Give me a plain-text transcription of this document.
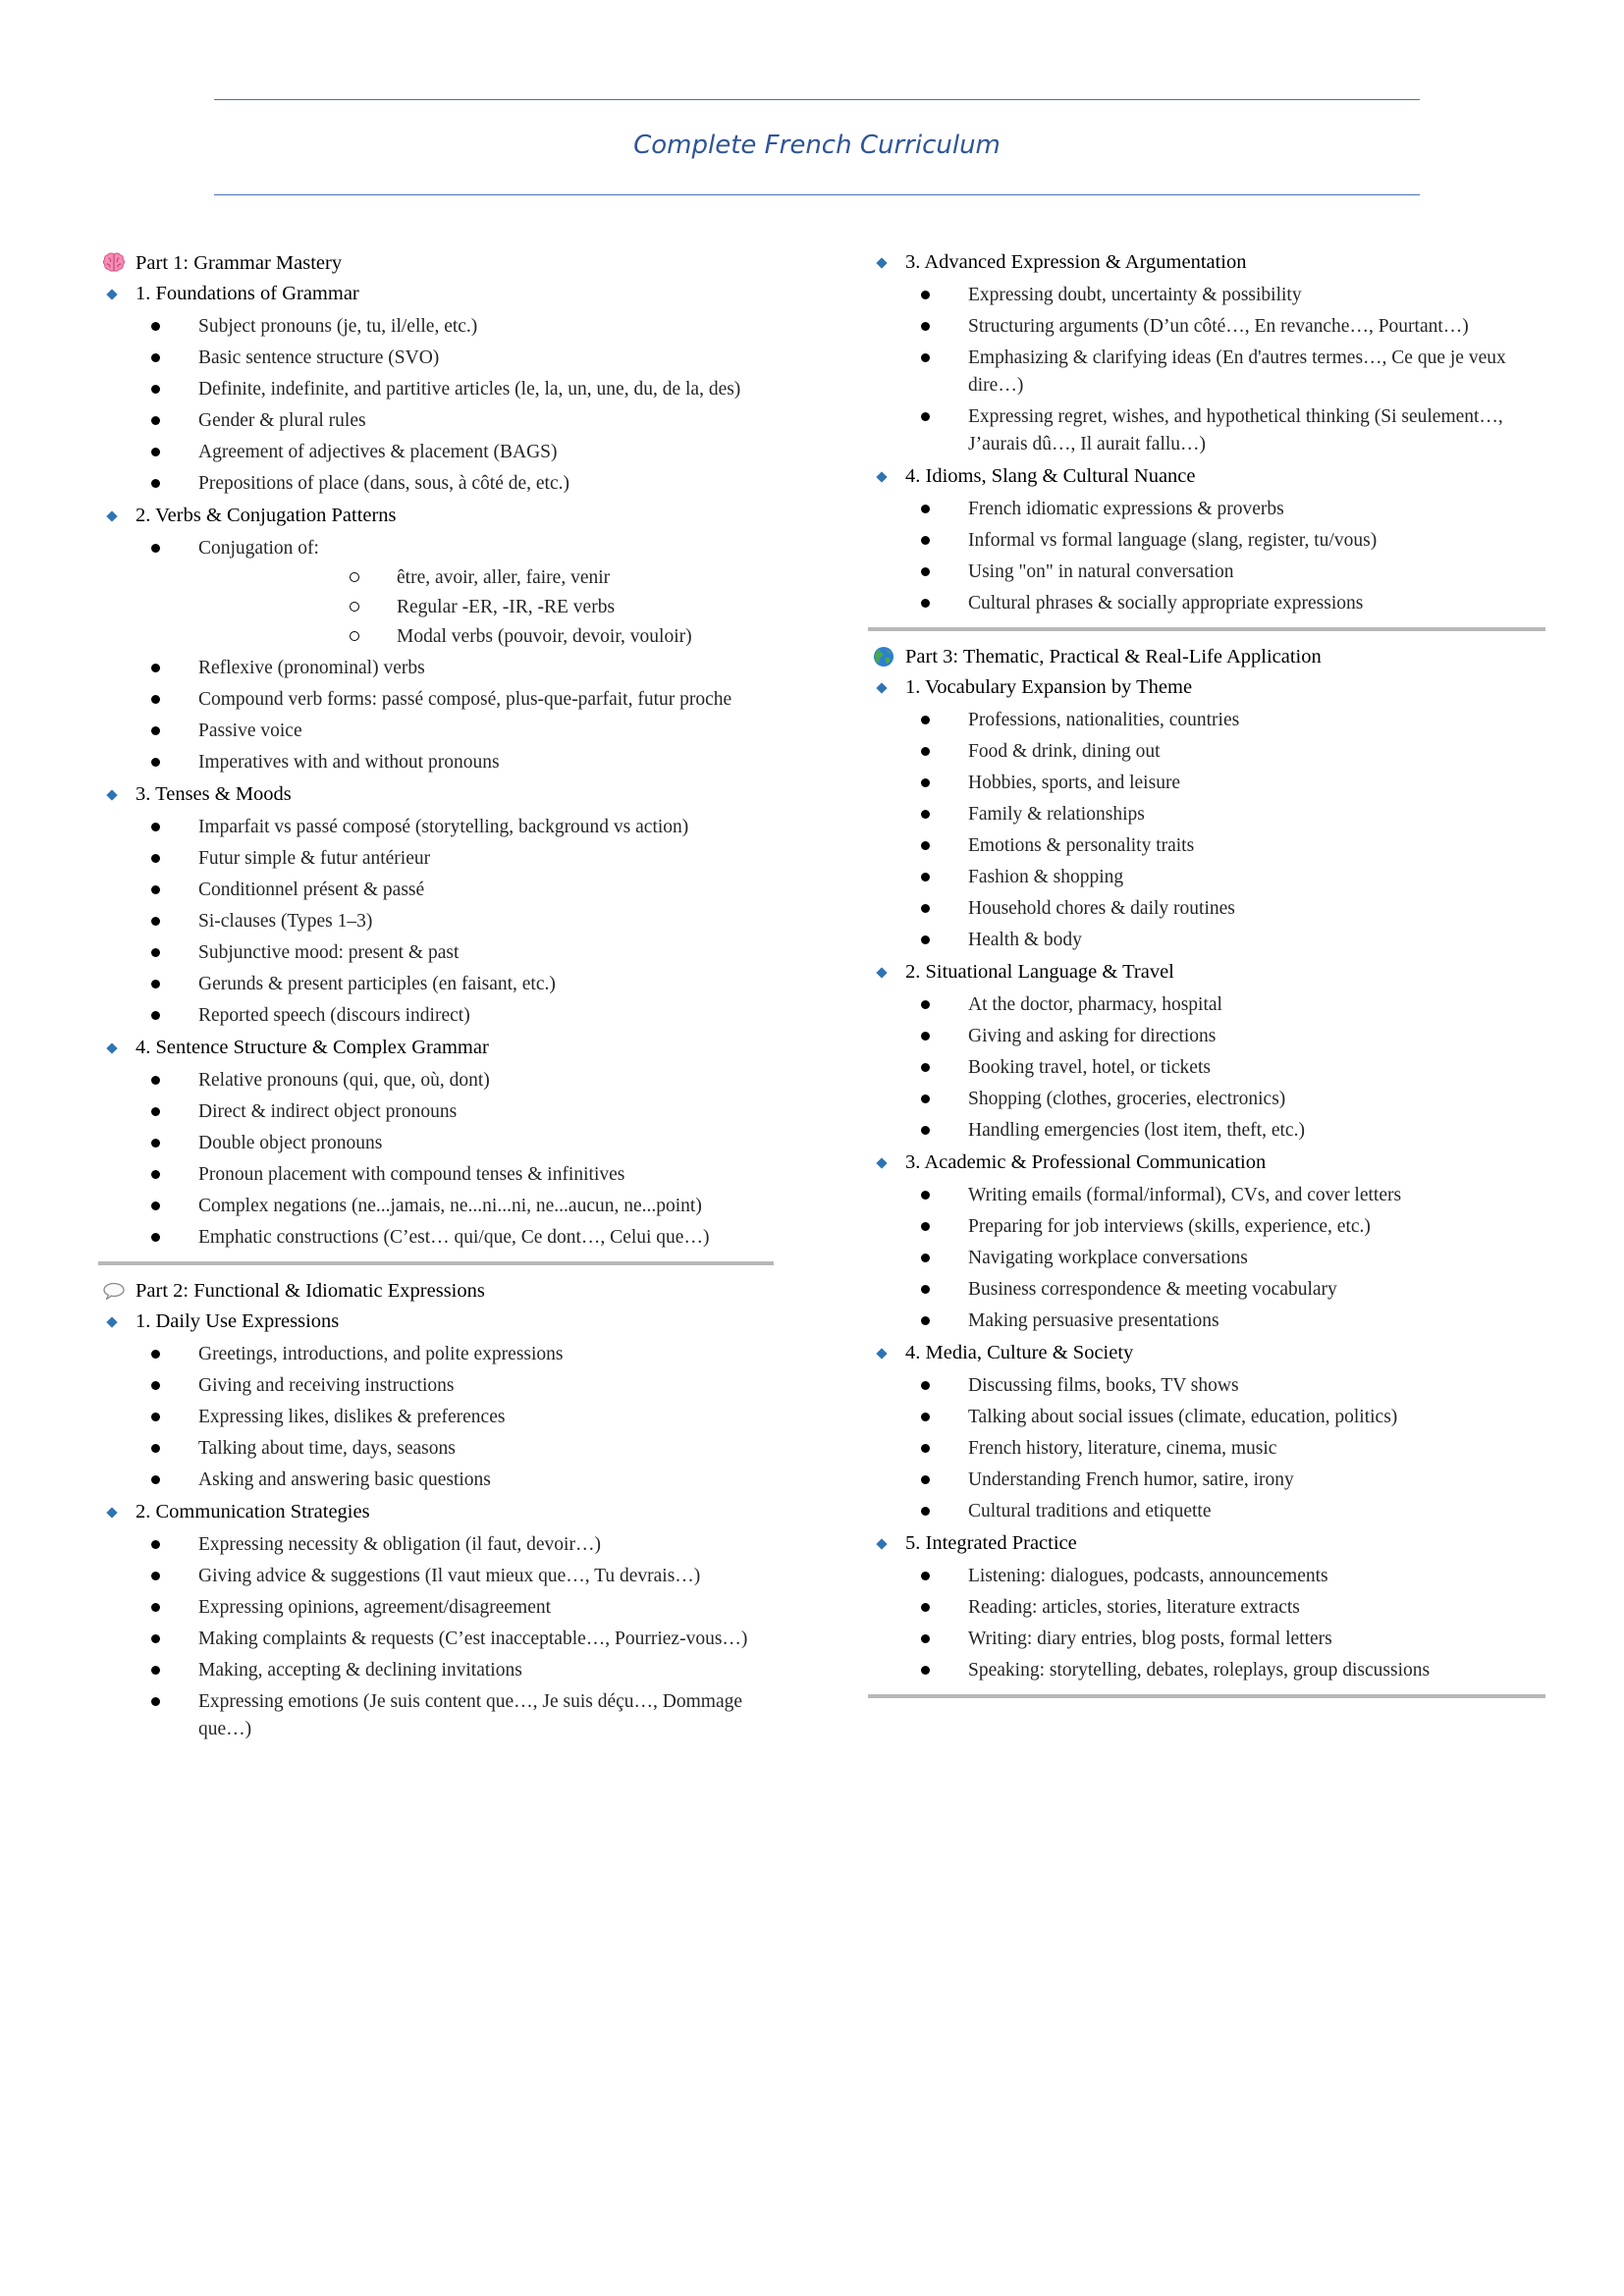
Complete French Curriculum
Part 1: Grammar Mastery
1. Foundations of Grammar
Subject pronouns (je, tu, il/elle, etc.)
Basic sentence structure (SVO)
Definite, indefinite, and partitive articles (le, la, un, une, du, de la, des)
Gender & plural rules
Agreement of adjectives & placement (BAGS)
Prepositions of place (dans, sous, à côté de, etc.)
2. Verbs & Conjugation Patterns
Conjugation of:
être, avoir, aller, faire, venir
Regular -ER, -IR, -RE verbs
Modal verbs (pouvoir, devoir, vouloir)
Reflexive (pronominal) verbs
Compound verb forms: passé composé, plus-que-parfait, futur proche
Passive voice
Imperatives with and without pronouns
3. Tenses & Moods
Imparfait vs passé composé (storytelling, background vs action)
Futur simple & futur antérieur
Conditionnel présent & passé
Si-clauses (Types 1–3)
Subjunctive mood: present & past
Gerunds & present participles (en faisant, etc.)
Reported speech (discours indirect)
4. Sentence Structure & Complex Grammar
Relative pronouns (qui, que, où, dont)
Direct & indirect object pronouns
Double object pronouns
Pronoun placement with compound tenses & infinitives
Complex negations (ne...jamais, ne...ni...ni, ne...aucun, ne...point)
Emphatic constructions (C’est… qui/que, Ce dont…, Celui que…)
Part 2: Functional & Idiomatic Expressions
1. Daily Use Expressions
Greetings, introductions, and polite expressions
Giving and receiving instructions
Expressing likes, dislikes & preferences
Talking about time, days, seasons
Asking and answering basic questions
2. Communication Strategies
Expressing necessity & obligation (il faut, devoir…)
Giving advice & suggestions (Il vaut mieux que…, Tu devrais…)
Expressing opinions, agreement/disagreement
Making complaints & requests (C’est inacceptable…, Pourriez-vous…)
Making, accepting & declining invitations
Expressing emotions (Je suis content que…, Je suis déçu…, Dommage que…)
3. Advanced Expression & Argumentation
Expressing doubt, uncertainty & possibility
Structuring arguments (D’un côté…, En revanche…, Pourtant…)
Emphasizing & clarifying ideas (En d'autres termes…, Ce que je veux dire…)
Expressing regret, wishes, and hypothetical thinking (Si seulement…, J’aurais dû…, Il aurait fallu…)
4. Idioms, Slang & Cultural Nuance
French idiomatic expressions & proverbs
Informal vs formal language (slang, register, tu/vous)
Using "on" in natural conversation
Cultural phrases & socially appropriate expressions
Part 3: Thematic, Practical & Real-Life Application
1. Vocabulary Expansion by Theme
Professions, nationalities, countries
Food & drink, dining out
Hobbies, sports, and leisure
Family & relationships
Emotions & personality traits
Fashion & shopping
Household chores & daily routines
Health & body
2. Situational Language & Travel
At the doctor, pharmacy, hospital
Giving and asking for directions
Booking travel, hotel, or tickets
Shopping (clothes, groceries, electronics)
Handling emergencies (lost item, theft, etc.)
3. Academic & Professional Communication
Writing emails (formal/informal), CVs, and cover letters
Preparing for job interviews (skills, experience, etc.)
Navigating workplace conversations
Business correspondence & meeting vocabulary
Making persuasive presentations
4. Media, Culture & Society
Discussing films, books, TV shows
Talking about social issues (climate, education, politics)
French history, literature, cinema, music
Understanding French humor, satire, irony
Cultural traditions and etiquette
5. Integrated Practice
Listening: dialogues, podcasts, announcements
Reading: articles, stories, literature extracts
Writing: diary entries, blog posts, formal letters
Speaking: storytelling, debates, roleplays, group discussions
